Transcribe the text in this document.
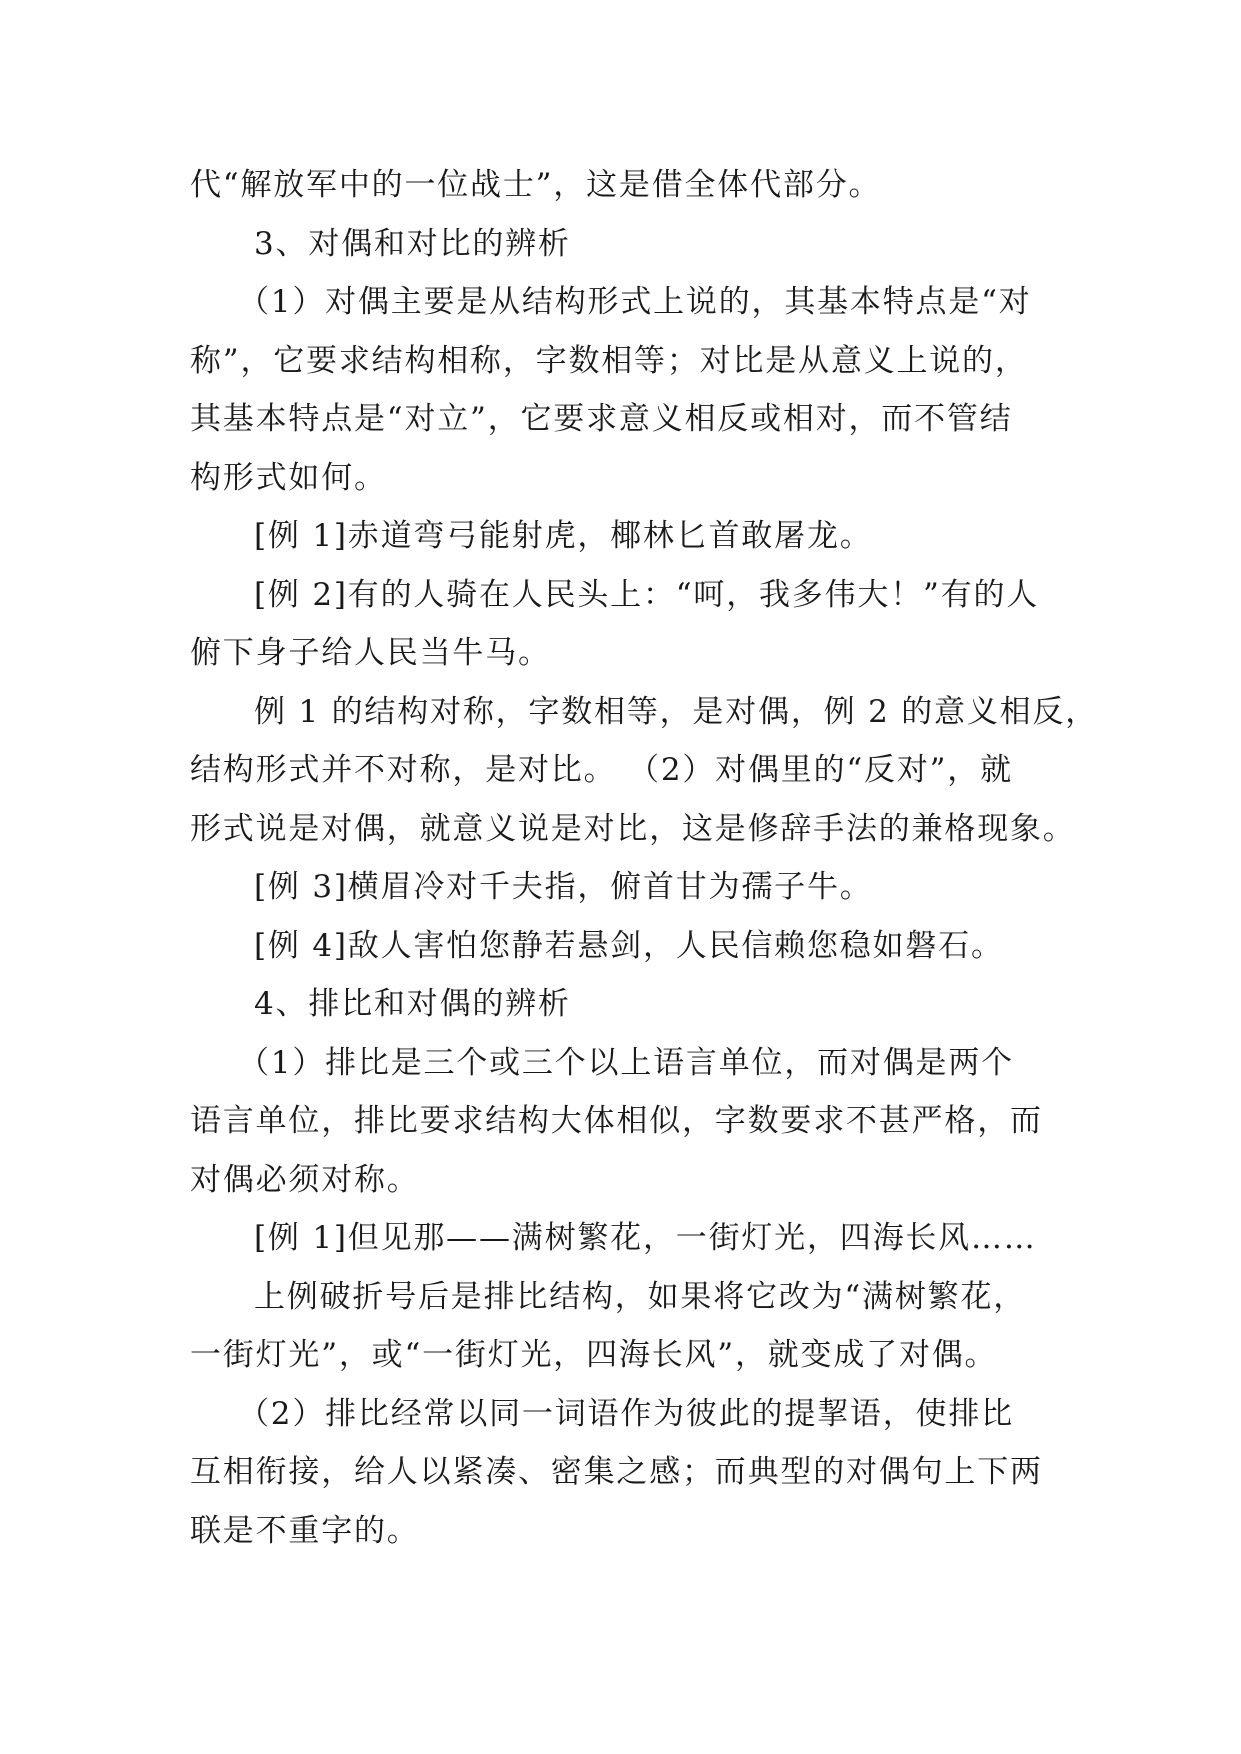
代“解放军中的一位战士”，这是借全体代部分。
3、对偶和对比的辨析
（1）对偶主要是从结构形式上说的，其基本特点是“对
称”，它要求结构相称，字数相等；对比是从意义上说的，
其基本特点是“对立”，它要求意义相反或相对，而不管结
构形式如何。
[例 1]赤道弯弓能射虎，椰林匕首敢屠龙。
[例 2]有的人骑在人民头上：“呵，我多伟大！”有的人
俯下身子给人民当牛马。
例 1 的结构对称，字数相等，是对偶，例 2 的意义相反，
结构形式并不对称，是对比。 （2）对偶里的“反对”，就
形式说是对偶，就意义说是对比，这是修辞手法的兼格现象。
[例 3]横眉冷对千夫指，俯首甘为孺子牛。
[例 4]敌人害怕您静若悬剑，人民信赖您稳如磐石。
4、排比和对偶的辨析
（1）排比是三个或三个以上语言单位，而对偶是两个
语言单位，排比要求结构大体相似，字数要求不甚严格，而
对偶必须对称。
[例 1]但见那——满树繁花，一街灯光，四海长风……
上例破折号后是排比结构，如果将它改为“满树繁花，
一街灯光”，或“一街灯光，四海长风”，就变成了对偶。
（2）排比经常以同一词语作为彼此的提挈语，使排比
互相衔接，给人以紧凑、密集之感；而典型的对偶句上下两
联是不重字的。
